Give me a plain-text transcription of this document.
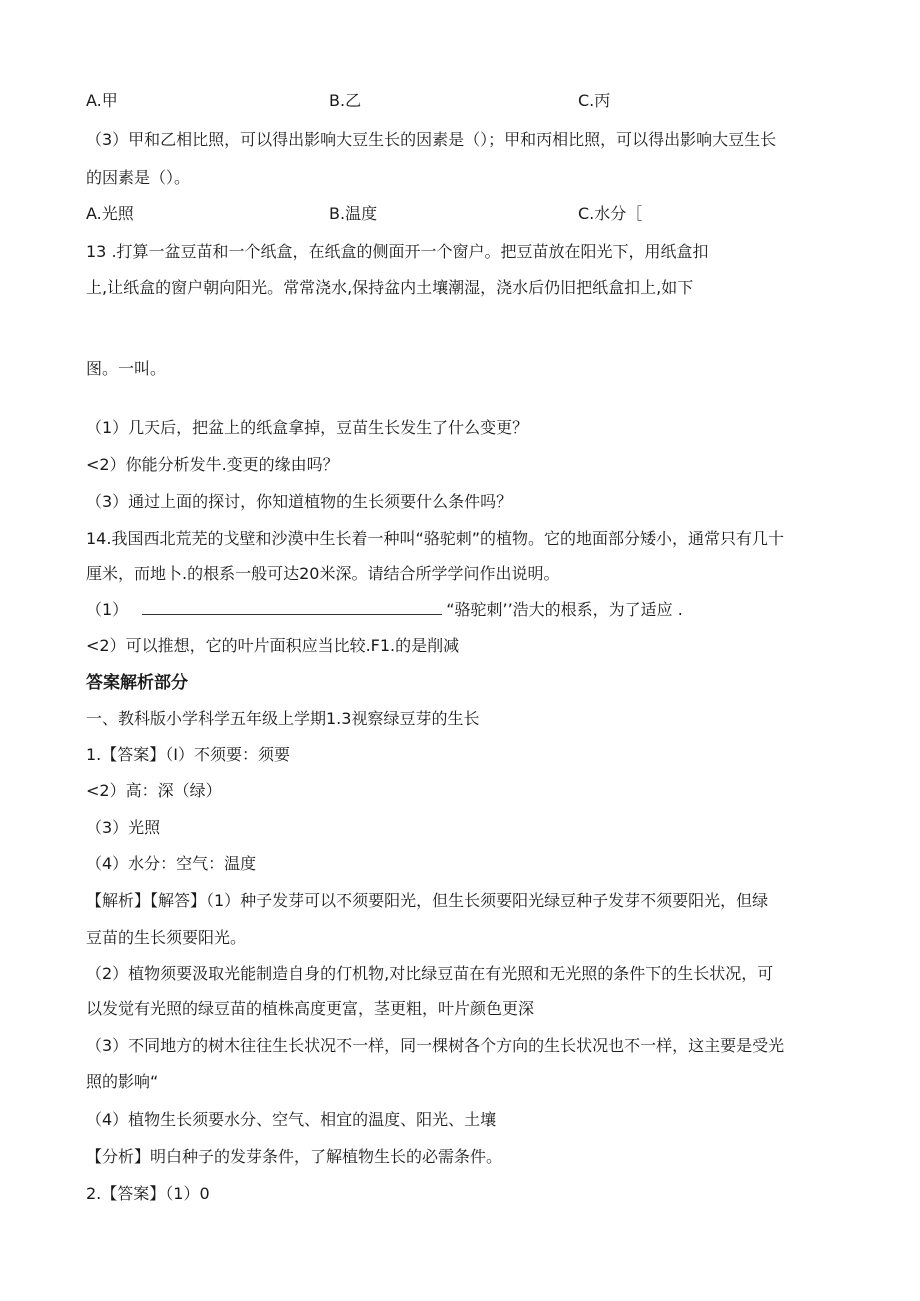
A.甲	B.乙	C.丙
（3）甲和乙相比照，可以得出影响大豆生长的因素是（）；甲和丙相比照，可以得出影响大豆生长
的因素是（）。
A.光照	B.温度	C.水分［
13 .打算一盆豆苗和一个纸盒，在纸盒的侧面开一个窗户。把豆苗放在阳光下，用纸盒扣
上,让纸盒的窗户朝向阳光。常常浇水,保持盆内土壤潮湿，浇水后仍旧把纸盒扣上,如下
图。一叫。
（1）几天后，把盆上的纸盒拿掉，豆苗生长发生了什么变更？
<2）你能分析发牛.变更的缘由吗？
（3）通过上面的探讨，你知道植物的生长须要什么条件吗？
14.我国西北荒芜的戈壁和沙漠中生长着一种叫“骆驼刺”的植物。它的地面部分矮小，通常只有几十
厘米，而地卜.的根系一般可达20米深。请结合所学学问作出说明。
（1）	“骆驼刺’’浩大的根系，为了适应 .
<2）可以推想，它的叶片面积应当比较.F1.的是削减
答案解析部分
一、教科版小学科学五年级上学期1.3视察绿豆芽的生长
1.【答案】（I）不须要：须要
<2）高：深（绿）
（3）光照
（4）水分：空气：温度
【解析】【解答】（1）种子发芽可以不须要阳光，但生长须要阳光绿豆种子发芽不须要阳光，但绿
豆苗的生长须要阳光。
（2）植物须要汲取光能制造自身的仃机物,对比绿豆苗在有光照和无光照的条件下的生长状况，可
以发觉有光照的绿豆苗的植株高度更富，茎更粗，叶片颜色更深
（3）不同地方的树木往往生长状况不一样，同一棵树各个方向的生长状况也不一样，这主要是受光
照的影响“
（4）植物生长须要水分、空气、相宜的温度、阳光、土壤
【分析】明白种子的发芽条件，了解植物生长的必需条件。
2.【答案】（1）0
